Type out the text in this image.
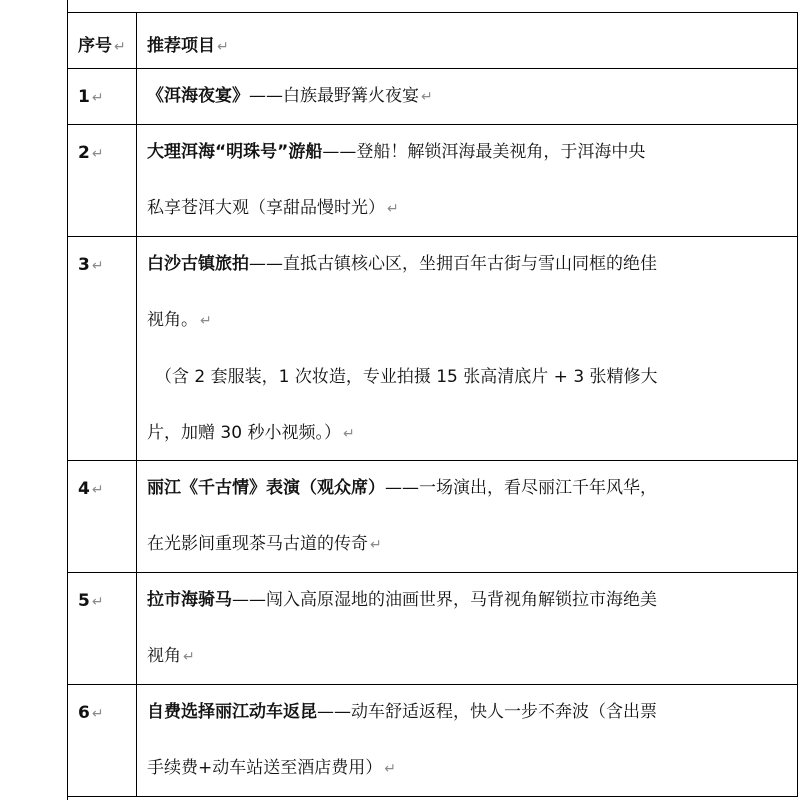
序号 ↵ 推荐项目 ↵
1 ↵	《洱海夜宴》——白族最野篝火夜宴 ↵
2 ↵	大理洱海“明珠号”游船——登船！解锁洱海最美视角，于洱海中央
私享苍洱大观（享甜品慢时光） ↵
3 ↵	白沙古镇旅拍——直抵古镇核心区，坐拥百年古街与雪山同框的绝佳
视角。 ↵
（含 2 套服装，1 次妆造，专业拍摄 15 张高清底片 + 3 张精修大
片，加赠 30 秒小视频。） ↵
4 ↵	丽江《千古情》表演（观众席）——一场演出，看尽丽江千年风华，
在光影间重现茶马古道的传奇 ↵
5 ↵	拉市海骑马——闯入高原湿地的油画世界，马背视角解锁拉市海绝美
视角 ↵
6 ↵	自费选择丽江动车返昆——动车舒适返程，快人一步不奔波（含出票
手续费+动车站送至酒店费用） ↵
